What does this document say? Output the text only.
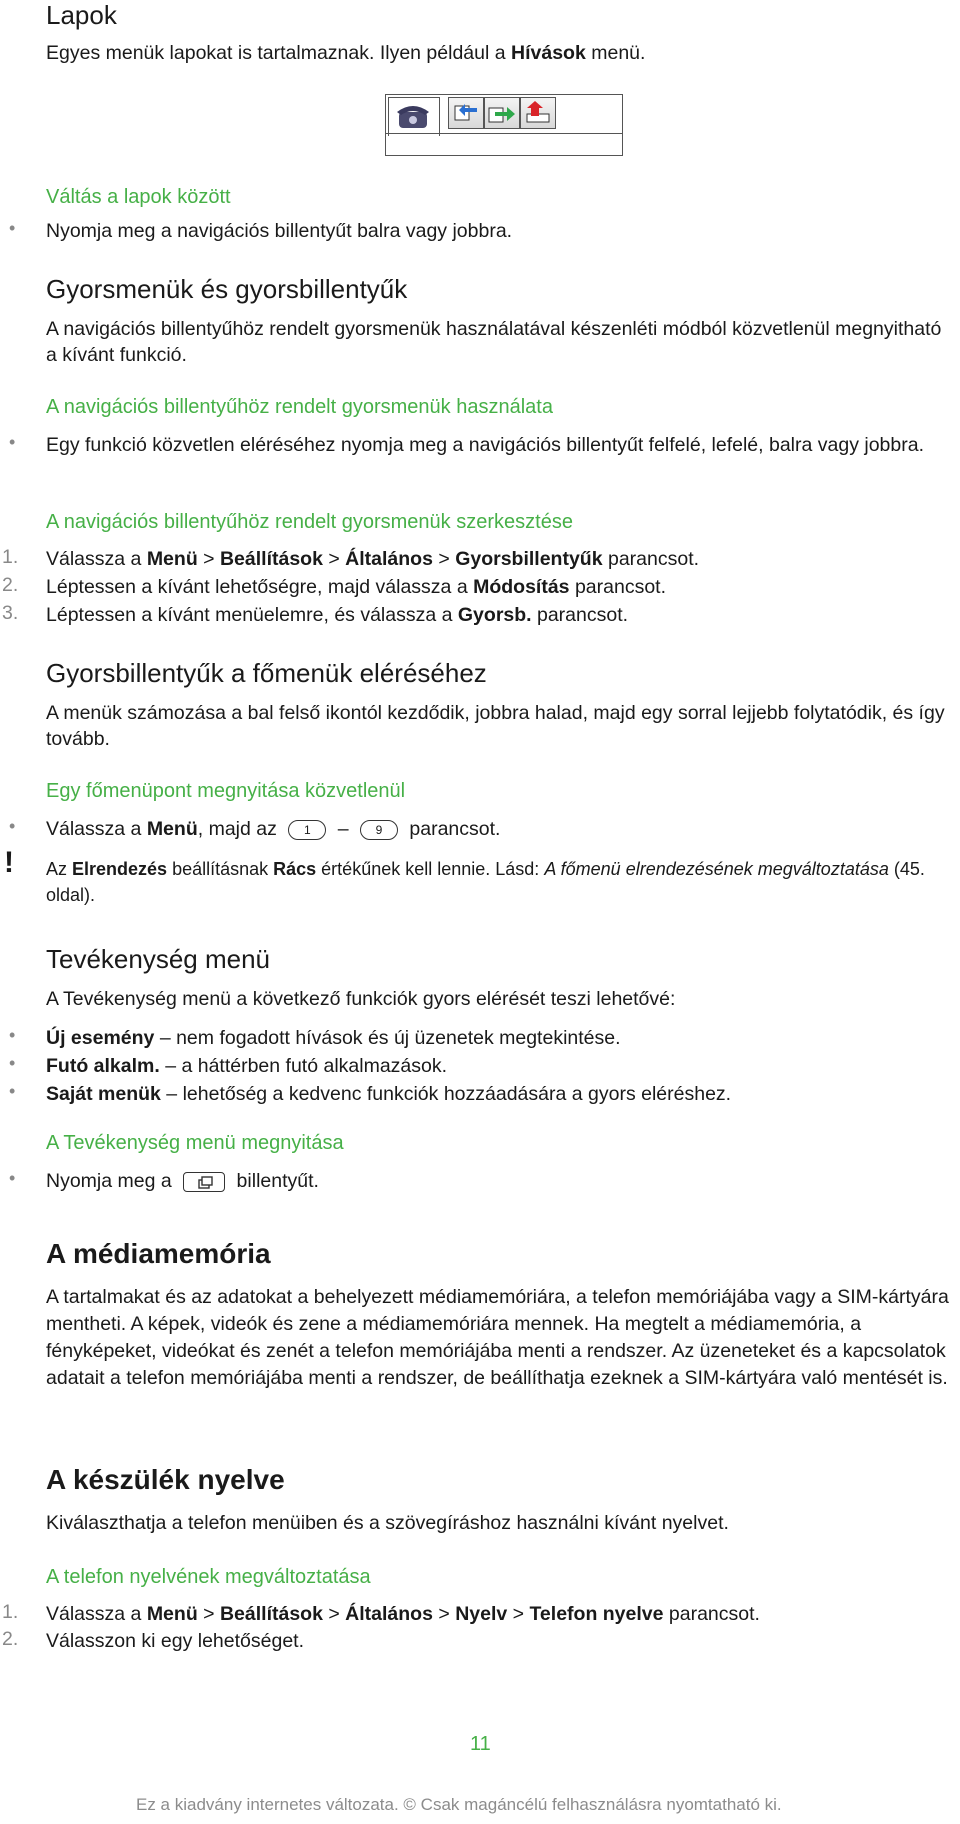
Lapok
Egyes menük lapokat is tartalmaznak. Ilyen például a Hívások menü.
Váltás a lapok között
• Nyomja meg a navigációs billentyűt balra vagy jobbra.
Gyorsmenük és gyorsbillentyűk
A navigációs billentyűhöz rendelt gyorsmenük használatával készenléti módból közvetlenül megnyitható a kívánt funkció.
A navigációs billentyűhöz rendelt gyorsmenük használata
• Egy funkció közvetlen eléréséhez nyomja meg a navigációs billentyűt felfelé, lefelé, balra vagy jobbra.
A navigációs billentyűhöz rendelt gyorsmenük szerkesztése
1. Válassza a Menü > Beállítások > Általános > Gyorsbillentyűk parancsot.
2. Léptessen a kívánt lehetőségre, majd válassza a Módosítás parancsot.
3. Léptessen a kívánt menüelemre, és válassza a Gyorsb. parancsot.
Gyorsbillentyűk a főmenük eléréséhez
A menük számozása a bal felső ikontól kezdődik, jobbra halad, majd egy sorral lejjebb folytatódik, és így tovább.
Egy főmenüpont megnyitása közvetlenül
• Válassza a Menü, majd az 1 – 9 parancsot.
! Az Elrendezés beállításnak Rács értékűnek kell lennie. Lásd: A főmenü elrendezésének megváltoztatása (45. oldal).
Tevékenység menü
A Tevékenység menü a következő funkciók gyors elérését teszi lehetővé:
• Új esemény – nem fogadott hívások és új üzenetek megtekintése.
• Futó alkalm. – a háttérben futó alkalmazások.
• Saját menük – lehetőség a kedvenc funkciók hozzáadására a gyors eléréshez.
A Tevékenység menü megnyitása
• Nyomja meg a	billentyűt.
A médiamemória
A tartalmakat és az adatokat a behelyezett médiamemóriára, a telefon memóriájába vagy a SIM-kártyára mentheti. A képek, videók és zene a médiamemóriára mennek. Ha megtelt a médiamemória, a fényképeket, videókat és zenét a telefon memóriájába menti a rendszer. Az üzeneteket és a kapcsolatok adatait a telefon memóriájába menti a rendszer, de beállíthatja ezeknek a SIM-kártyára való mentését is.
A készülék nyelve
Kiválaszthatja a telefon menüiben és a szövegíráshoz használni kívánt nyelvet.
A telefon nyelvének megváltoztatása
1. Válassza a Menü > Beállítások > Általános > Nyelv > Telefon nyelve parancsot.
2. Válasszon ki egy lehetőséget.
11
Ez a kiadvány internetes változata. © Csak magáncélú felhasználásra nyomtatható ki.
